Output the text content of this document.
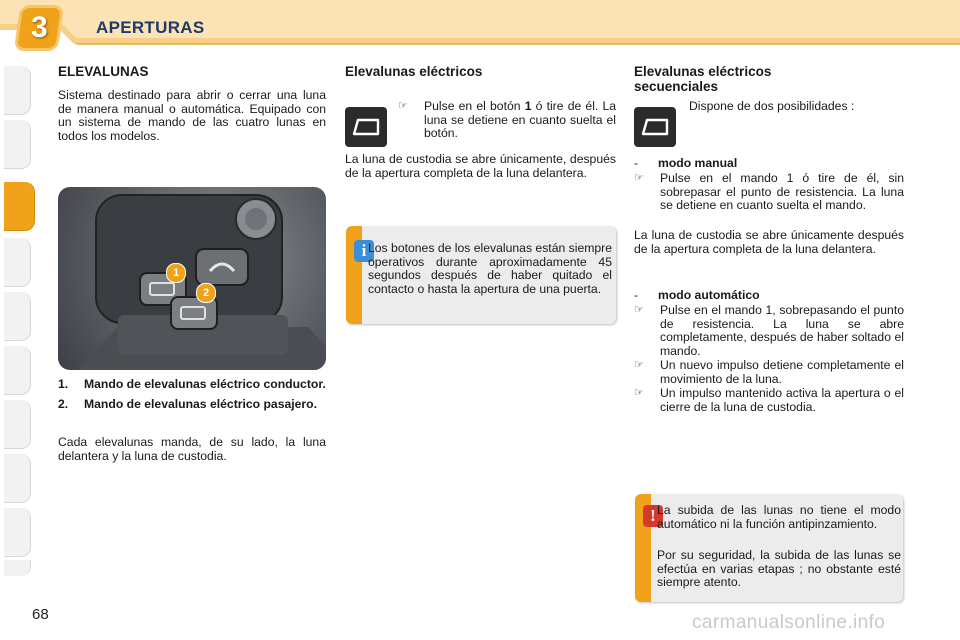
3	APERTURAS
ELEVALUNAS

Sistema destinado para abrir o cerrar una luna de manera manual o automática. Equipado con un sistema de mando de las cuatro lunas en todos los modelos.

1
2
1.	Mando de elevalunas eléctrico conductor.
2.	Mando de elevalunas eléctrico pasajero.

Cada elevalunas manda, de su lado, la luna delantera y la luna de custodia.

Elevalunas eléctricos
☞	Pulse en el botón 1 ó tire de él. La luna se detiene en cuanto suelta el botón.

La luna de custodia se abre únicamente, después de la apertura completa de la luna delantera.

i Los botones de los elevalunas están siempre operativos durante aproximadamente 45 segundos después de haber quitado el contacto o hasta la apertura de una puerta.

Elevalunas eléctricos secuenciales

Dispone de dos posibilidades :

-	modo manual
☞	Pulse en el mando 1 ó tire de él, sin sobrepasar el punto de resistencia. La luna se detiene en cuanto suelta el mando.

La luna de custodia se abre únicamente después de la apertura completa de la luna delantera.

-	modo automático
☞	Pulse en el mando 1, sobrepasando el punto de resistencia. La luna se abre completamente, después de haber soltado el mando.
☞	Un nuevo impulso detiene completamente el movimiento de la luna.
☞	Un impulso mantenido activa la apertura o el cierre de la luna de custodia.
! La subida de las lunas no tiene el modo automático ni la función antipinzamiento.

Por su seguridad, la subida de las lunas se efectúa en varias etapas ; no obstante esté siempre atento.

68	carmanualsonline.info
